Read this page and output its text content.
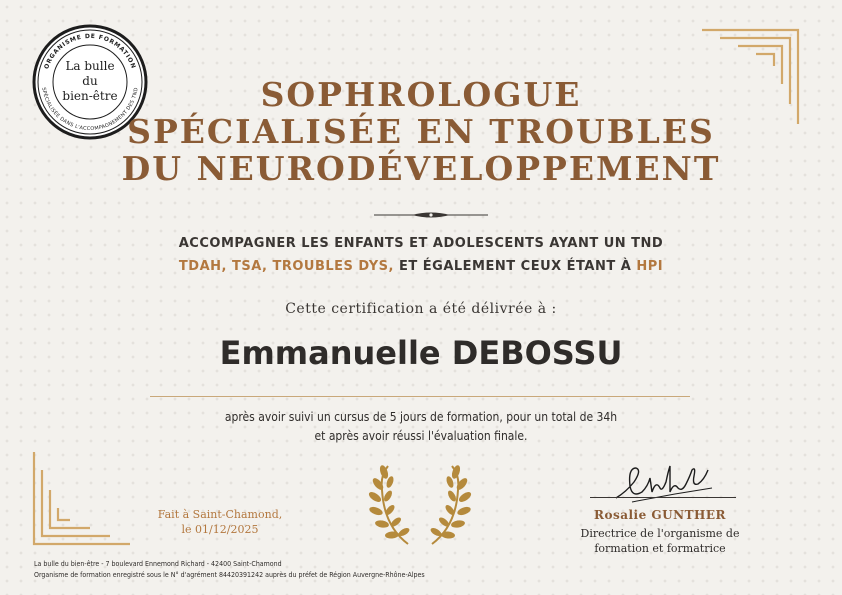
ORGANISME DE FORMATION
SPÉCIALISÉE DANS L'ACCOMPAGNEMENT DES TND
La bulle
du
bien-être	SOPHROLOGUE
SPÉCIALISÉE EN TROUBLES
DU NEURODÉVELOPPEMENT
ACCOMPAGNER LES ENFANTS ET ADOLESCENTS AYANT UN TND
TDAH, TSA, TROUBLES DYS, ET ÉGALEMENT CEUX ÉTANT À HPI
Cette certification a été délivrée à :
Emmanuelle DEBOSSU
après avoir suivi un cursus de 5 jours de formation, pour un total de 34h
et après avoir réussi l'évaluation finale.
Fait à Saint-Chamond,
le 01/12/2025
Rosalie GUNTHER
Directrice de l'organisme de
formation et formatrice
La bulle du bien-être - 7 boulevard Ennemond Richard - 42400 Saint-Chamond
Organisme de formation enregistré sous le N° d'agrément 84420391242 auprès du préfet de Région Auvergne-Rhône-Alpes
